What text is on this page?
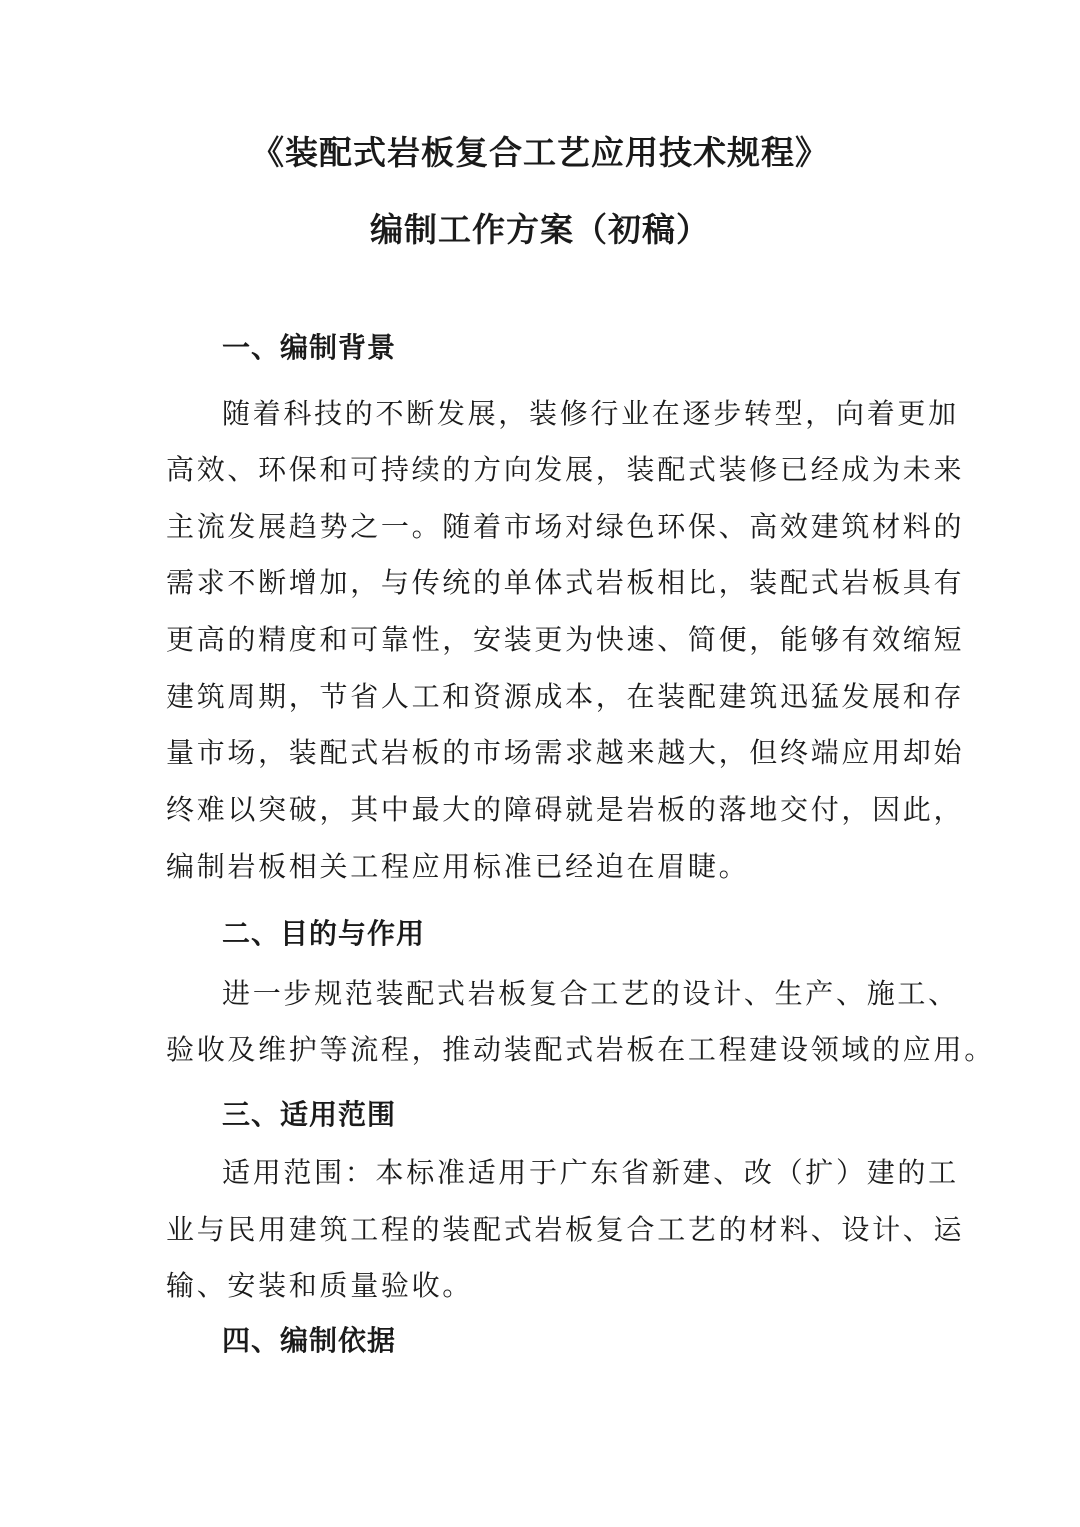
《装配式岩板复合工艺应用技术规程》
编制工作方案（初稿）
一、编制背景

随着科技的不断发展，装修行业在逐步转型，向着更加

高效、环保和可持续的方向发展，装配式装修已经成为未来

主流发展趋势之一。随着市场对绿色环保、高效建筑材料的

需求不断增加，与传统的单体式岩板相比，装配式岩板具有

更高的精度和可靠性，安装更为快速、简便，能够有效缩短

建筑周期，节省人工和资源成本，在装配建筑迅猛发展和存

量市场，装配式岩板的市场需求越来越大，但终端应用却始

终难以突破，其中最大的障碍就是岩板的落地交付，因此，

编制岩板相关工程应用标准已经迫在眉睫。

二、目的与作用

进一步规范装配式岩板复合工艺的设计、生产、施工、

验收及维护等流程，推动装配式岩板在工程建设领域的应用。

三、适用范围

适用范围：本标准适用于广东省新建、改（扩）建的工

业与民用建筑工程的装配式岩板复合工艺的材料、设计、运

输、安装和质量验收。

四、编制依据
